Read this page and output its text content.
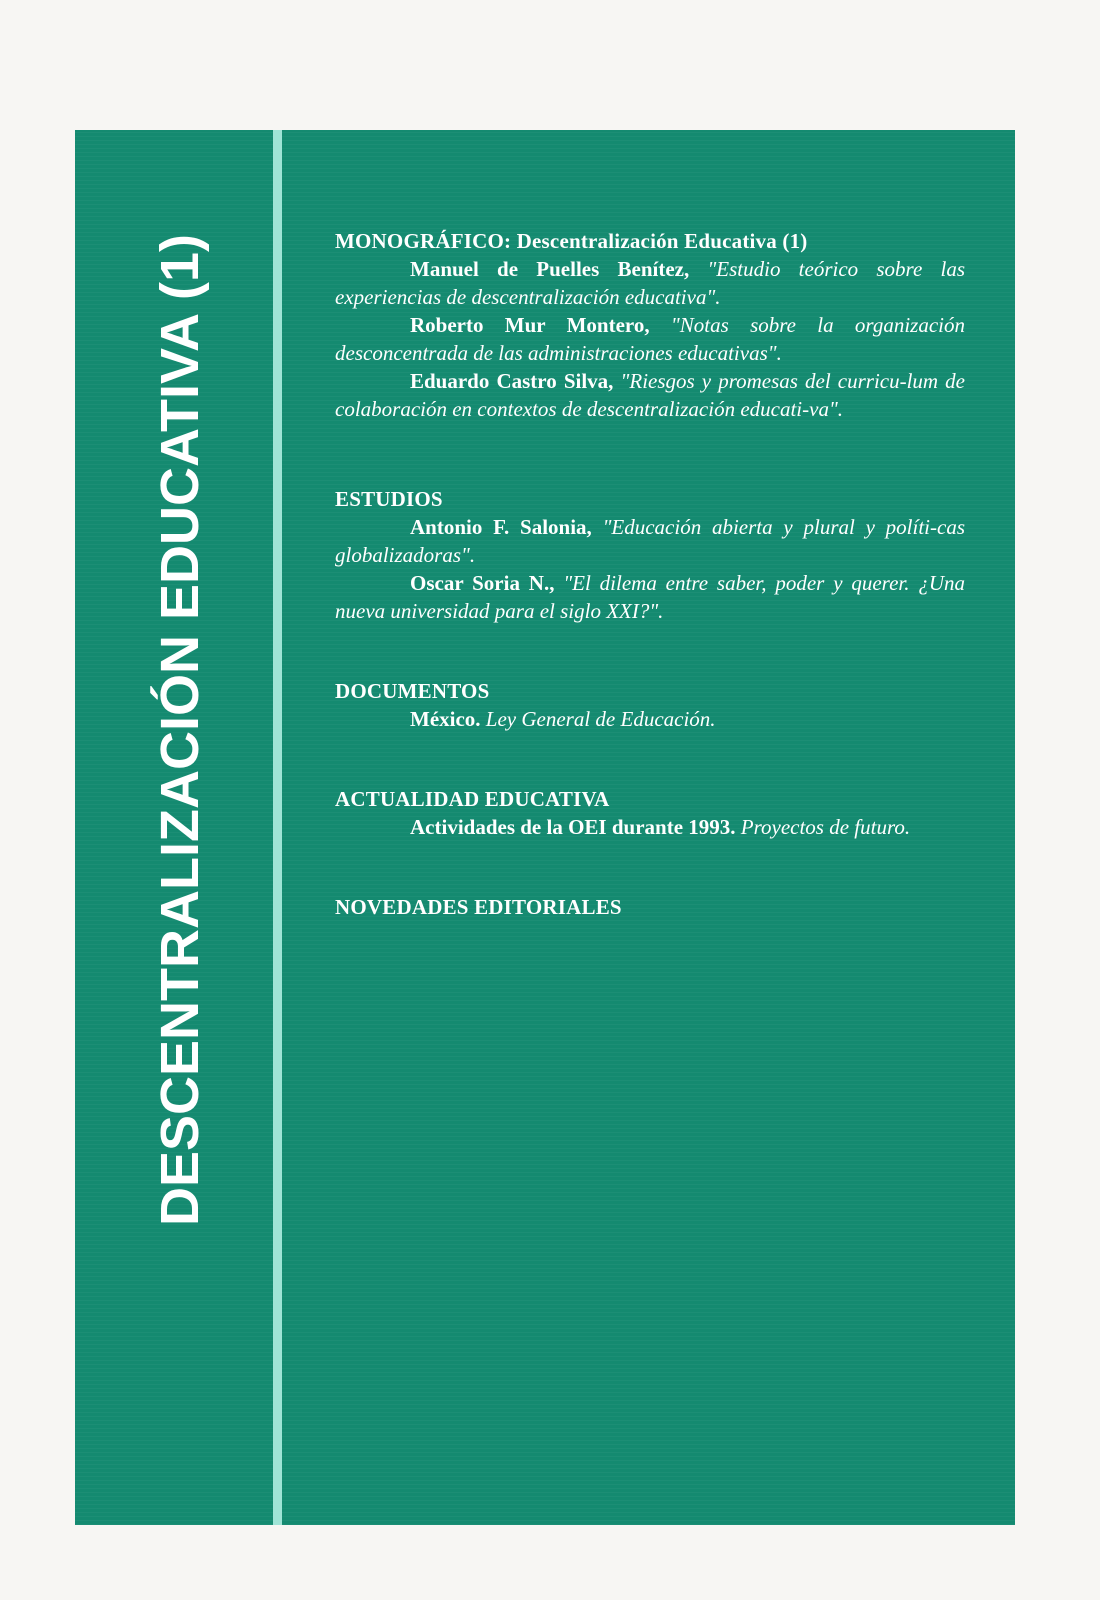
DESCENTRALIZACIÓN EDUCATIVA (1)	MONOGRÁFICO: Descentralización Educativa (1)

Manuel de Puelles Benítez, "Estudio teórico sobre las experiencias de descentralización educativa".

Roberto Mur Montero, "Notas sobre la organización desconcentrada de las administraciones educativas".

Eduardo Castro Silva, "Riesgos y promesas del curricu-lum de colaboración en contextos de descentralización educati-va".

ESTUDIOS

Antonio F. Salonia, "Educación abierta y plural y políti-cas globalizadoras".

Oscar Soria N., "El dilema entre saber, poder y querer. ¿Una nueva universidad para el siglo XXI?".

DOCUMENTOS

México. Ley General de Educación.

ACTUALIDAD EDUCATIVA

Actividades de la OEI durante 1993. Proyectos de futuro.

NOVEDADES EDITORIALES
